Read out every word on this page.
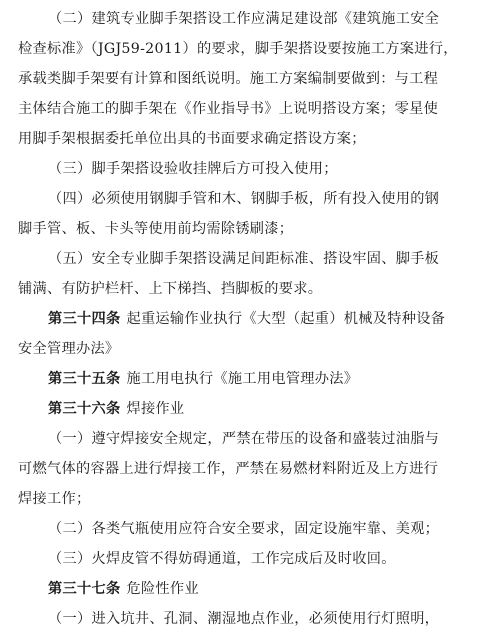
（二）建筑专业脚手架搭设工作应满足建设部《建筑施工安全
检查标准》（JGJ59-2011）的要求，脚手架搭设要按施工方案进行，
承载类脚手架要有计算和图纸说明。施工方案编制要做到：与工程
主体结合施工的脚手架在《作业指导书》上说明搭设方案；零星使
用脚手架根据委托单位出具的书面要求确定搭设方案；
（三）脚手架搭设验收挂牌后方可投入使用；
（四）必须使用钢脚手管和木、钢脚手板，所有投入使用的钢
脚手管、板、卡头等使用前均需除锈刷漆；
（五）安全专业脚手架搭设满足间距标准、搭设牢固、脚手板
铺满、有防护栏杆、上下梯挡、挡脚板的要求。
第三十四条 起重运输作业执行《大型（起重）机械及特种设备
安全管理办法》
第三十五条 施工用电执行《施工用电管理办法》
第三十六条 焊接作业
（一）遵守焊接安全规定，严禁在带压的设备和盛装过油脂与
可燃气体的容器上进行焊接工作，严禁在易燃材料附近及上方进行
焊接工作；
（二）各类气瓶使用应符合安全要求，固定设施牢靠、美观；
（三）火焊皮管不得妨碍通道，工作完成后及时收回。
第三十七条 危险性作业
（一）进入坑井、孔洞、潮湿地点作业，必须使用行灯照明，
